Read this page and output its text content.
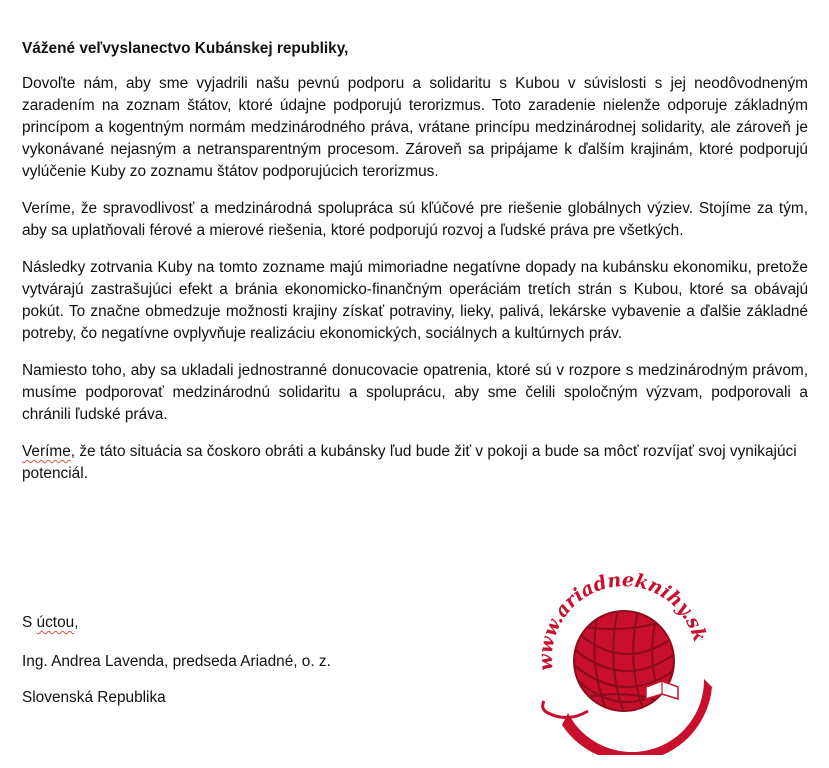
Vážené veľvyslanectvo Kubánskej republiky,

Dovoľte nám, aby sme vyjadrili našu pevnú podporu a solidaritu s Kubou v súvislosti s jej neodôvodneným zaradením na zoznam štátov, ktoré údajne podporujú terorizmus. Toto zaradenie nielenže odporuje základným princípom a kogentným normám medzinárodného práva, vrátane princípu medzinárodnej solidarity, ale zároveň je vykonávané nejasným a netransparentným procesom. Zároveň sa pripájame k ďalším krajinám, ktoré podporujú vylúčenie Kuby zo zoznamu štátov podporujúcich terorizmus.

Veríme, že spravodlivosť a medzinárodná spolupráca sú kľúčové pre riešenie globálnych výziev. Stojíme za tým, aby sa uplatňovali férové a mierové riešenia, ktoré podporujú rozvoj a ľudské práva pre všetkých.

Následky zotrvania Kuby na tomto zozname majú mimoriadne negatívne dopady na kubánsku ekonomiku, pretože vytvárajú zastrašujúci efekt a bránia ekonomicko-finančným operáciám tretích strán s Kubou, ktoré sa obávajú pokút. To značne obmedzuje možnosti krajiny získať potraviny, lieky, palivá, lekárske vybavenie a ďalšie základné potreby, čo negatívne ovplyvňuje realizáciu ekonomických, sociálnych a kultúrnych práv.

Namiesto toho, aby sa ukladali jednostranné donucovacie opatrenia, ktoré sú v rozpore s medzinárodným právom, musíme podporovať medzinárodnú solidaritu a spoluprácu, aby sme čelili spoločným výzvam, podporovali a chránili ľudské práva.

Veríme, že táto situácia sa čoskoro obráti a kubánsky ľud bude žiť v pokoji a bude sa môcť rozvíjať svoj vynikajúci potenciál.

S úctou,
Ing. Andrea Lavenda, predseda Ariadné, o. z.
Slovenská Republika
www.ariadneknihy.sk
SVETLO PRE VAŠE POZNANIE
